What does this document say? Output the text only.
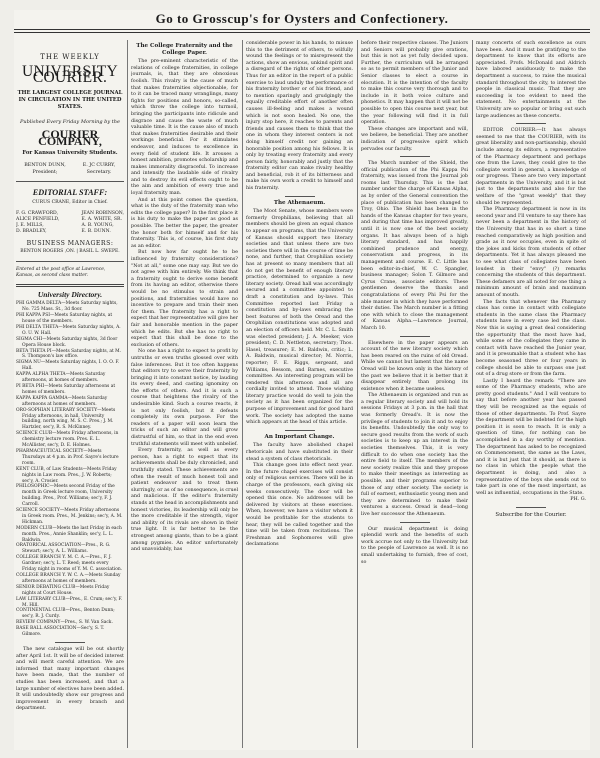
Go to Grosscup's for Oysters and Confectionery.
THE WEEKLY
UNIVERSITY COURIER.
THE LARGEST COLLEGE JOURNAL
IN CIRCULATION IN THE UNITED STATES.
Published Every Friday Morning by the
COURIER COMPANY,
For Kansas University Students.
BENTON DUNN, President;
E. JC CURRY, Secretary.
EDITORIAL STAFF:
CURUS CRANE, Editor in Chief.
F. G. CRAWFORD,
ALICE PENFIELD,
J. E. MILLS,
D. BRADLEY,
JEAN ROBINSON,
E. A. WHITE, SR.
A. B. YOUNG,
E. B. DUNN.
BUSINESS MANAGERS:
BENTON ROGERS ,ON. | BASIL L. SWEPE.
Entered at the post office at Lawrence, Kansas, as second class matter.
University Directory.
PHI GAMMA DELTA—Meets Saturday nights, No. 725 Mass. St., 3d floor.
PHI KAPPA PSI—Meets Saturday nights, at house of the members.
PHI DELTA THETA—Meets Saturday nights, A. O. U. W. Hall.
SIGMA CHI—Meets Saturday nights, 3d floor Opera House block.
BETA THETA PI—Meets Saturday nights, at M. S. Thompson's law office.
SIGMA NU—Meets Saturday nights, I. O. O. F. Hall.
KAPPA ALPHA THETA—Meets Saturday afternoons, at homes of members.
PI BETA PHI—Meets Saturday afternoons at homes of members.
KAPPA KAPPA GAMMA—Meets Saturday afternoons at homes of members.
ORO-SOPHIAN LITERARY SOCIETY—Meets Friday afternoons, in hall, University building, north wing, M. S. C. Pres.; J. M. Hartzler, sec'y, R. S. McKinney.
SCIENCE CLUB—Meets Friday afternoons, in chemistry lecture room. Pres. E. L. McAllister, sec'y, D. E. Holmes.
PHARMACEUTICAL SOCIETY—Meets Thursdays at 4 p.m. in Prof. Sayre's lecture room.
KENT CLUB, of Law Students—Meets Friday nights in Law room. Pres., J. W. Roberts; sec'y, A. Crosier.
PHILOSOPHIC—Meets second Friday of the month in Greek lecture room, University building. Pres., Prof. Williams; sec'y, F. J. Carroll.
SCIENCE SOCIETY—Meets Friday afternoons in Greek room. Pres., M. Jenkins; sec'y, A. M. Hickman.
MODERN CLUB—Meets the last Friday in each month. Pres., Annie Shanklin; sec'y, L. L. Baldwin.
ORATORICAL ASSOCIATION—Pres., R. G. Stewart; sec'y, A. L. Williams.
COLLEGE BRANCH Y. M. C. A.—Pres., F. J. Gardner; sec'y, L. T. Reed; meets every Friday night in rooms of Y. M. C. association.
COLLEGE BRANCH Y. W. C. A.—Meets Sunday afternoons at homes of members.
SENIOR DEBATING CLUB—Meets Friday nights at Court House.
LAW LITERARY CLUB—Pres., E. Crum; sec'y, F. M. Hill.
CONTINENTAL CLUB—Pres., Benton Dunn; sec'y, R. J. Curdy.
REVIEW COMPANY—Pres., S. W. Van Sack.
BASE BALL ASSOCIATION—Sec'y, S. T. Gilmore.

The new catalogue will be out shortly after April 1st. It will be of decided interest and will merit careful attention. We are informed that many important changes have been made, that the number of studies has been increased, and that a large number of electives have been added. It will undoubtedly show our progress and improvement in every branch and department.

The College Fraternity and the College Paper.

The pre-eminent characteristic of the relations of college fraternities, in college journals, is, that they are obnoxious foolish. This rivalry is the cause of much that makes fraternities objectionable, for to it can be traced many wranglings, many fights for positions and honors, so-called, which throw the college into turmoil, bringing the participants into ridicule and disgrace and cause the waste of much valuable time. It is the cause also of much that makes fraternities desirable and their workings beneficial. For it stimulates endeavor, and induces to excellence in every field of student life. It arouses a honest ambition, promotes scholarship and makes immorality disgraceful. To increase and intensify the laudable side of rivalry and to destroy its evil effects ought to be the aim and ambition of every true and loyal fraternity man.

And at this point comes the question, what is the duty of the fraternity man who edits the college paper? In the first place it is his duty to make the paper as good as possible. The better the paper, the greater the honor both for himself and for his fraternity. This is, of course, his first duty as an editor.

But now how far ought he to be influenced by fraternity considerations? "Not at all," some one may say. But we do not agree with him entirely. We think that a fraternity ought to derive some benefit from its having an editor, otherwise there would be no stimulus to strain and positions, and fraternities would have no incentive to prepare and train their men for them. The fraternity has a right to expect that her representative will give her fair and honorable mention in the paper which he edits. But she has no right to expect that this shall be done to the exclusion of others.

No one has a right to expect to profit by untruths or even truths glossed over with false inferences. But it too often happens that editors try to serve their fraternity by bringing it into constant notice, by lauding its every deed, and casting ignominy on the efforts of others. And it is such a course that heightens the rivalry of the undesirable kind. Such a course reacts, it is not only foolish, but it defeats completely its own purpose. For the readers of a paper will soon learn the tricks of such an editor and will grow distrustful of him, so that in the end even truthful statements will meet with unbelief.

Every fraternity, as well as every person, has a right to expect that its achievements shall be duly chronicled, and truthfully stated. These achievements are often the result of much honest toil and patient endeavor and to treat them slurringly, or as of no consequence, is cruel and malicious. If the editor's fraternity stands at the head in accomplishments and honest victories, its leadership will only be the more creditable if the strength, vigor and ability of its rivals are shown in their true light. It is far better to be the strongest among giants, than to be a giant among pygmies. An editor unfortunately and unavoidably, has

considerable power in his hands, to misuse this to the detriment of others, to wilfully wound the feelings or to misrepresent the actions, show an envious, unkind spirit and a disregard of the rights of other persons. Thus for an editor in the report of a public exercise to laud unduly the performance of his fraternity brother or of his friend, and to mention sparingly and grudgingly the equally creditable effort of another often causes ill-feeling and makes a wound which is not soon healed. No one, the injury stop here, it reaches to parents and friends and causes them to think that the one in whom they interest centers is not doing himself credit nor gaining an honorable position among his fellows. It is only by treating every fraternity and every person fairly, honorably and justly that the fraternity editor can make rivalry healthy and beneficial, rob it of its bitterness and make his own work a credit to himself and his fraternity.

The Athenaeum.

The Moot Senate, whose members were formerly Orophilians, believing that all members should be given an equal chance to appear on programs, that the University of Kansas should support two literary societies and that unless there are two societies there will in the course of time be none, and further, that Orophilian society has at present so many members that all do not get the benefit of enough literary practice, determined to organize a new literary society. Oread hall was accordingly secured and a committee appointed to draft a constitution and by-laws. This Committee reported last Friday a constitution and by-laws embracing the best features of both the Oread and the Orophilian constitutions was adopted and an election of officers held. Mr. C. L. Smith was elected president; J. A. Meeker, vice president; C. D. Nettleton, secretary; Thos. Hasel, treasurer; E. M. Baldwin, critic; L. A. Baldwin, musical director; M. Norris, reporter; F. E. Riggs, sergeant, and Williams, Bessom, and Barnes, executive committee. An interesting program will be rendered this afternoon and all are cordially invited to attend. Those wishing literary practice would do well to join the society as it has been organized for the purpose of improvement and for good hard work. The society has adopted the name which appears at the head of this article.

An Important Change.

The faculty have abolished chapel rhetoricals and have substituted in their stead a system of class rhetoricals.

This change goes into effect next year. In the future chapel exercises will consist only of religious services. There will be in charge of the professors, each giving six weeks consecutively. The door will be opened this once. No addresses will be delivered by visitors at these exercises. When, however, we have a visitor whom it would be profitable for the students to hear, they will be called together and the time will be taken from recitations. The Freshman and Sophomores will give declamations

before their respective classes. The Juniors and Seniors will probably give orations, but this is not as yet fully decided upon. Further, the curriculum will be arranged so as to permit members of the Junior and Senior classes to elect a course in elocution. It is the intention of the faculty to make this course very thorough and to include in it both voice culture and phonetics. It may happen that it will not be possible to open this course next year, but the year following will find it in full operation.

These changes are important and will, we believe, be beneficial. They are another indication of progressive spirit which pervades our faculty.

The March number of the Shield, the official publication of the Phi Kappa Psi fraternity, was issued from the Journal job rooms last Thursday. This is the last number under the charge of Kansas Alpha, as by order of the General convention the place of publication has been changed to Troy, Ohio. The Shield has been in the hands of the Kansas chapter for two years, and during that time has improved greatly, until it is now one of the best society organs. It has always been of a high literary standard, and has happily combined prudence and energy, conservatism and progress, in its management and course. E. C. Little has been editor-in-chief, W. C. Spangler, business manager; Solon T. Gilmore and Cyrus Crane, associate editors. These gentlemen deserve the thanks and congratulations of every Phi Psi for the able manner in which they have performed their duties. The March number is a fitting one with which to close the management of Kansas Alpha.—Lawrence Journal, March 10.

Elsewhere in the paper appears an account of the new literary society which has been reared on the ruins of old Oread. While we cannot but lament that the name Oread will be known only in the history of the past we believe that it is better that it disappear entirely than prolong its existence when it became useless.

The Athenaeum is organized and run as a regular literary society and will hold its sessions Fridays at 3 p.m. in the hall that was formerly Oread's. It is now the privilege of students to join it and to enjoy its benefits. Undoubtedly the only way to secure good results from the work of such societies is to keep up an interest in the societies themselves. This, it is very difficult to do when one society has the entire field to itself. The members of the new society realize this and they propose to make their meetings as interesting as possible, and their programs superior to those of any other society. The society is full of earnest, enthusiastic young men and they are determined to make their ventures a success. Oread is dead—long live her successor the Athenaeum.

Our musical department is doing splendid work and the benefits of such work accrue not only to the University but to the people of Lawrence as well. It is no small undertaking to furnish, free of cost, so

many concerts of such excellence as ours have been. And it must be gratifying to the department to know that its efforts are appreciated. Profs. McDonald and Aldrich have labored assiduously to make the department a success, to raise the musical standard throughout the city, to interest the people in classical music. That they are succeeding is too evident to need the statement. No entertainments at the University are so popular or bring out such large audiences as these concerts.

EDITOR COURIER:—It has always seemed to me that the COURIER, with its great liberality and non-partisanship, should include among its editors, a representative of the Pharmacy department and perhaps one from the Laws, they could give to the collegiate world in general, a knowledge of our progress. These are two very important departments in the University, and it is but just to the departments and also for the welfare of the "great weekly" that they should be represented.

The Pharmacy department is now in its second year and I'll venture to say there has never been a department in the history of the University that has in so short a time reached comparatively as high position and grade as it now occupies, even in spite of the jokes and kicks from students of other departments. Yet it has always pleased me to see what class of collegiates have been loudest in their "envy" (?) remarks concerning the students of this department. These defamers are all noted for one thing a minimum amount of brain and maximum amount of mouth.

The facts that whenever the Pharmacy class has come in contact with collegiate students in the same class the Pharmacy students have in every case led the class. Now this is saying a great deal considering the opportunity that the most have had, while some of the collegiates they came in contact with have reached the Junior year, and it is presumable that a student who has become seasoned three or four years in college should be able to surpass one just out of a drug store or from the farm.

Lastly I heard the remark: "There are some of the Pharmacy students, who are pretty good students." And I will venture to say that before another year has passed they will be recognized as the equals of those of other departments. To Prof. Sayre the department will be indebted for the high position it is soon to reach. It is only a question of time, for nothing can be accomplished in a day worthy of mention. The department has asked to be recognized on Commencement, the same as the Laws, and it is but just that it should, as there is no class in which the people what the department is doing, and also a representative of the boys she sends out to take part in one of the most important, as well as influential, occupations in the State.

PH. G.
Subscribe for the Courier.
